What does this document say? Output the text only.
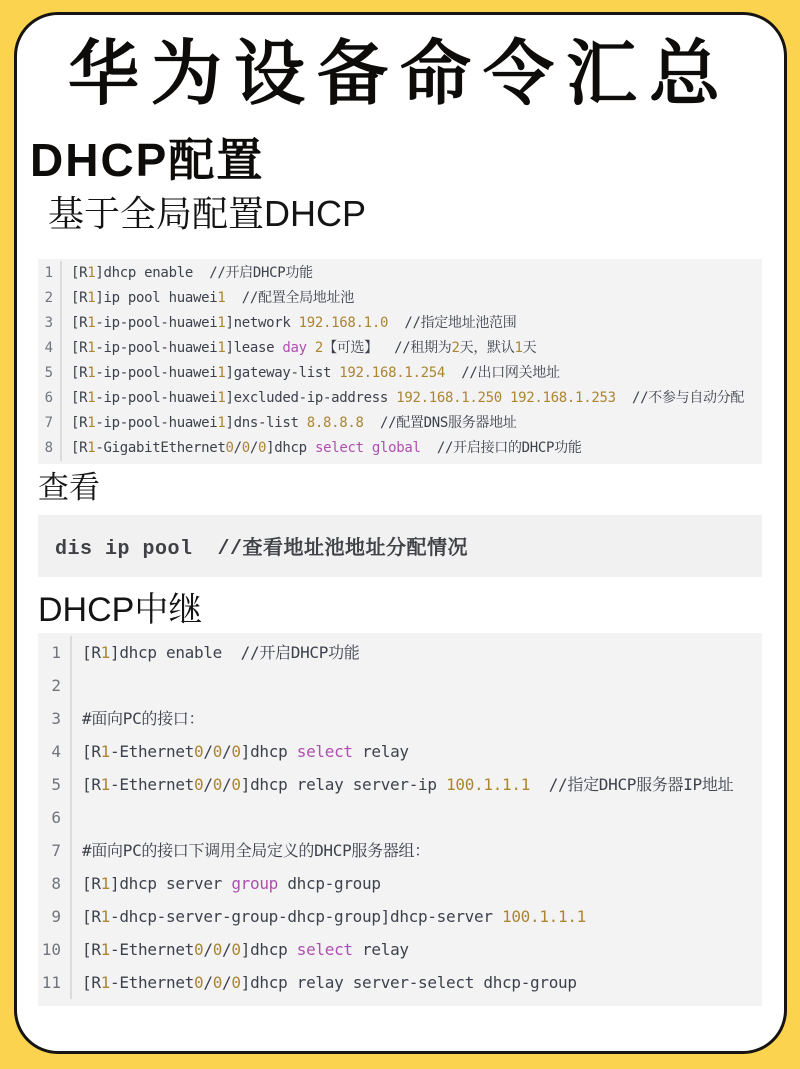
华为设备命令汇总
DHCP配置
基于全局配置DHCP
1	[R1]dhcp enable  //开启DHCP功能
2	[R1]ip pool huawei1  //配置全局地址池
3	[R1-ip-pool-huawei1]network 192.168.1.0  //指定地址池范围
4	[R1-ip-pool-huawei1]lease day 2【可选】  //租期为2天，默认1天
5	[R1-ip-pool-huawei1]gateway-list 192.168.1.254  //出口网关地址
6	[R1-ip-pool-huawei1]excluded-ip-address 192.168.1.250 192.168.1.253  //不参与自动分配
7	[R1-ip-pool-huawei1]dns-list 8.8.8.8  //配置DNS服务器地址
8	[R1-GigabitEthernet0/0/0]dhcp select global  //开启接口的DHCP功能
查看
dis ip pool  //查看地址池地址分配情况
DHCP中继
1	[R1]dhcp enable  //开启DHCP功能
2
3	#面向PC的接口：
4	[R1-Ethernet0/0/0]dhcp select relay
5	[R1-Ethernet0/0/0]dhcp relay server-ip 100.1.1.1  //指定DHCP服务器IP地址
6
7	#面向PC的接口下调用全局定义的DHCP服务器组：
8	[R1]dhcp server group dhcp-group
9	[R1-dhcp-server-group-dhcp-group]dhcp-server 100.1.1.1
10	[R1-Ethernet0/0/0]dhcp select relay
11	[R1-Ethernet0/0/0]dhcp relay server-select dhcp-group
